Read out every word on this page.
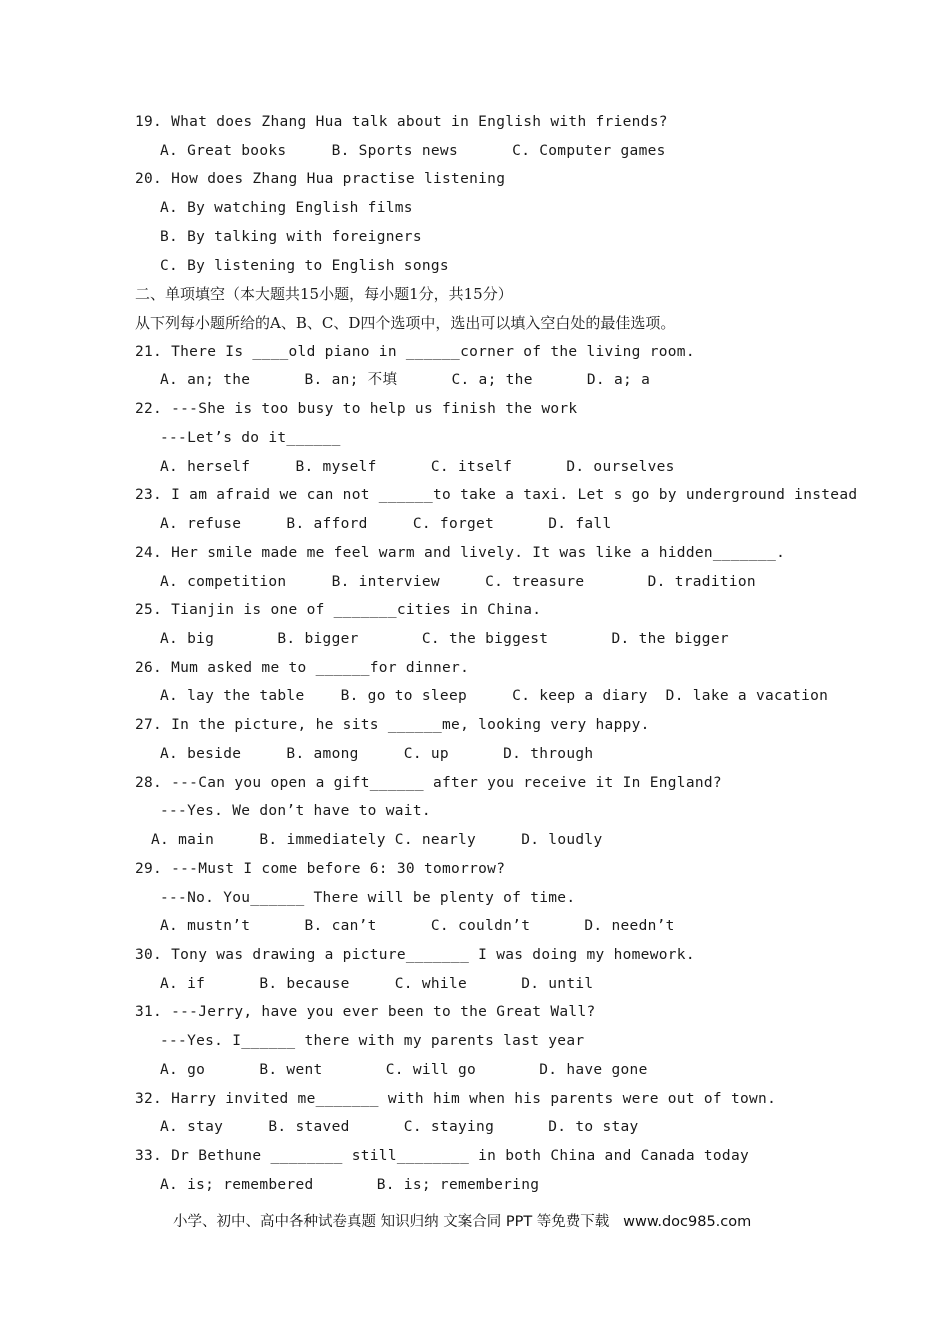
19. What does Zhang Hua talk about in English with friends?
A. Great books     B. Sports news      C. Computer games
20. How does Zhang Hua practise listening
A. By watching English films
B. By talking with foreigners
C. By listening to English songs
二、单项填空（本大题共15小题，每小题1分，共15分）
从下列每小题所给的A、B、C、D四个选项中，选出可以填入空白处的最佳选项。
21. There Is ____old piano in ______corner of the living room.
A. an; the      B. an; 不填      C. a; the      D. a; a
22. ---She is too busy to help us finish the work
---Let’s do it______
A. herself     B. myself      C. itself      D. ourselves
23. I am afraid we can not ______to take a taxi. Let s go by underground instead
A. refuse     B. afford     C. forget      D. fall
24. Her smile made me feel warm and lively. It was like a hidden_______.
A. competition     B. interview     C. treasure       D. tradition
25. Tianjin is one of _______cities in China.
A. big       B. bigger       C. the biggest       D. the bigger
26. Mum asked me to ______for dinner.
A. lay the table    B. go to sleep     C. keep a diary  D. lake a vacation
27. In the picture, he sits ______me, looking very happy.
A. beside     B. among     C. up      D. through
28. ---Can you open a gift______ after you receive it In England?
---Yes. We don’t have to wait.
A. main     B. immediately C. nearly     D. loudly
29. ---Must I come before 6: 30 tomorrow?
---No. You______ There will be plenty of time.
A. mustn’t      B. can’t      C. couldn’t      D. needn’t
30. Tony was drawing a picture_______ I was doing my homework.
A. if      B. because     C. while      D. until
31. ---Jerry, have you ever been to the Great Wall?
---Yes. I______ there with my parents last year
A. go      B. went       C. will go       D. have gone
32. Harry invited me_______ with him when his parents were out of town.
A. stay     B. staved      C. staying      D. to stay
33. Dr Bethune ________ still________ in both China and Canada today
A. is; remembered       B. is; remembering
小学、初中、高中各种试卷真题 知识归纳 文案合同 PPT 等免费下载   www.doc985.com
